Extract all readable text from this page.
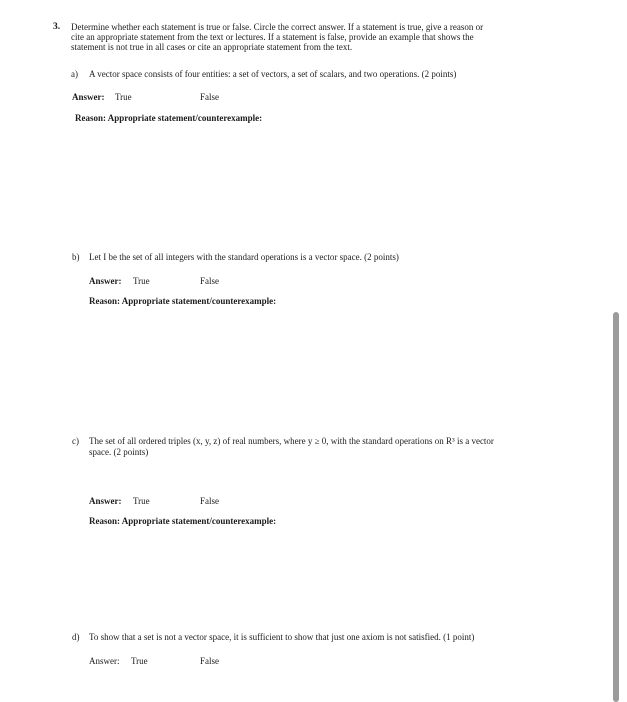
3. Determine whether each statement is true or false. Circle the correct answer. If a statement is true, give a reason or
cite an appropriate statement from the text or lectures. If a statement is false, provide an example that shows the
statement is not true in all cases or cite an appropriate statement from the text.
a) A vector space consists of four entities: a set of vectors, a set of scalars, and two operations. (2 points)
Answer: True	False
Reason: Appropriate statement/counterexample:
b) Let I be the set of all integers with the standard operations is a vector space. (2 points)
Answer: True	False
Reason: Appropriate statement/counterexample:
c) The set of all ordered triples (x, y, z) of real numbers, where y ≥ 0, with the standard operations on R³ is a vector
space. (2 points)
Answer: True	False
Reason: Appropriate statement/counterexample:
d) To show that a set is not a vector space, it is sufficient to show that just one axiom is not satisfied. (1 point)
Answer: True	False
